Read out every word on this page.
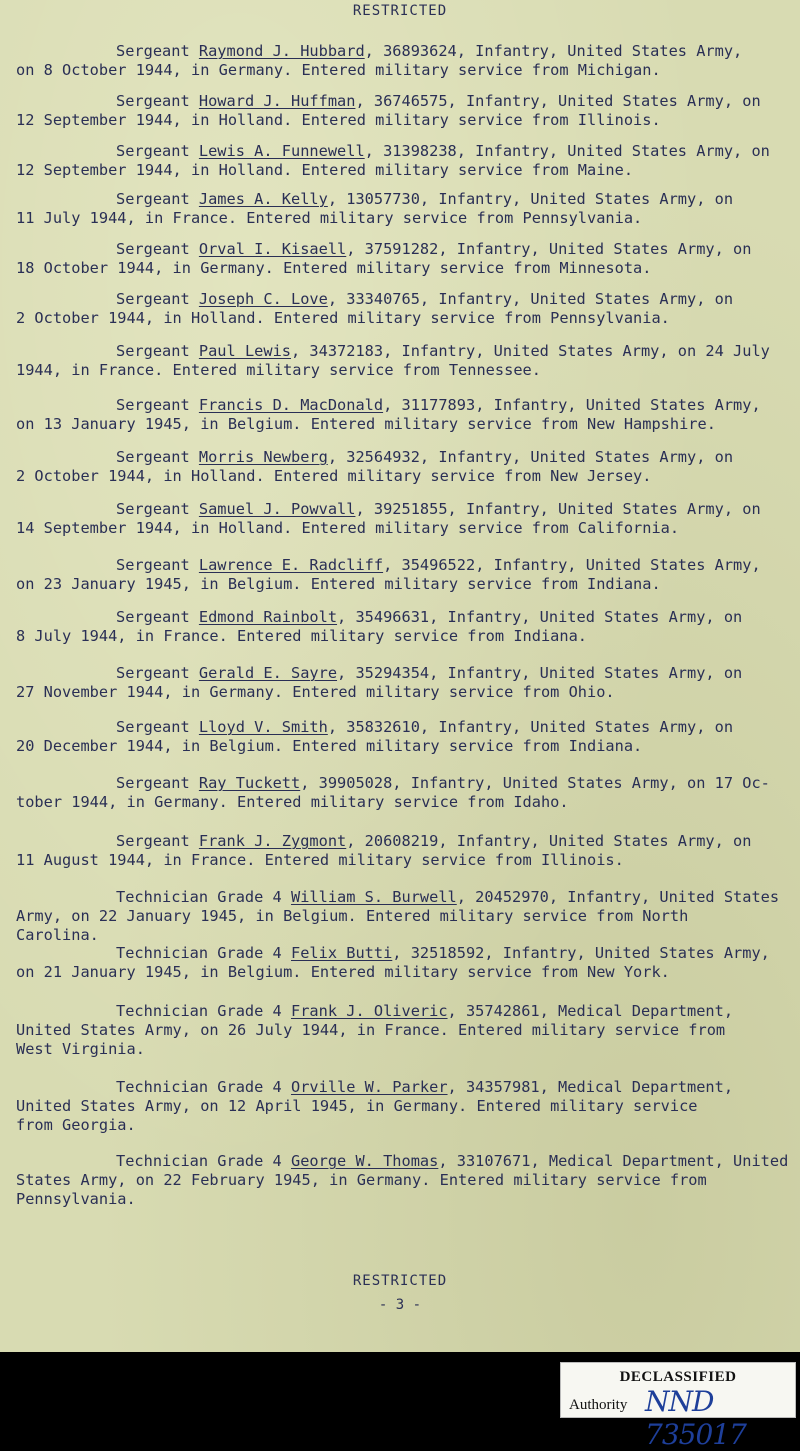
RESTRICTED
Sergeant Raymond J. Hubbard, 36893624, Infantry, United States Army,
on 8 October 1944, in Germany. Entered military service from Michigan.
Sergeant Howard J. Huffman, 36746575, Infantry, United States Army, on
12 September 1944, in Holland. Entered military service from Illinois.
Sergeant Lewis A. Funnewell, 31398238, Infantry, United States Army, on
12 September 1944, in Holland. Entered military service from Maine.
Sergeant James A. Kelly, 13057730, Infantry, United States Army, on
11 July 1944, in France. Entered military service from Pennsylvania.
Sergeant Orval I. Kisaell, 37591282, Infantry, United States Army, on
18 October 1944, in Germany. Entered military service from Minnesota.
Sergeant Joseph C. Love, 33340765, Infantry, United States Army, on
2 October 1944, in Holland. Entered military service from Pennsylvania.
Sergeant Paul Lewis, 34372183, Infantry, United States Army, on 24 July
1944, in France. Entered military service from Tennessee.
Sergeant Francis D. MacDonald, 31177893, Infantry, United States Army,
on 13 January 1945, in Belgium. Entered military service from New Hampshire.
Sergeant Morris Newberg, 32564932, Infantry, United States Army, on
2 October 1944, in Holland. Entered military service from New Jersey.
Sergeant Samuel J. Powvall, 39251855, Infantry, United States Army, on
14 September 1944, in Holland. Entered military service from California.
Sergeant Lawrence E. Radcliff, 35496522, Infantry, United States Army,
on 23 January 1945, in Belgium. Entered military service from Indiana.
Sergeant Edmond Rainbolt, 35496631, Infantry, United States Army, on
8 July 1944, in France. Entered military service from Indiana.
Sergeant Gerald E. Sayre, 35294354, Infantry, United States Army, on
27 November 1944, in Germany. Entered military service from Ohio.
Sergeant Lloyd V. Smith, 35832610, Infantry, United States Army, on
20 December 1944, in Belgium. Entered military service from Indiana.
Sergeant Ray Tuckett, 39905028, Infantry, United States Army, on 17 Oc-
tober 1944, in Germany. Entered military service from Idaho.
Sergeant Frank J. Zygmont, 20608219, Infantry, United States Army, on
11 August 1944, in France. Entered military service from Illinois.
Technician Grade 4 William S. Burwell, 20452970, Infantry, United States
Army, on 22 January 1945, in Belgium. Entered military service from North
Carolina.
Technician Grade 4 Felix Butti, 32518592, Infantry, United States Army,
on 21 January 1945, in Belgium. Entered military service from New York.
Technician Grade 4 Frank J. Oliveric, 35742861, Medical Department,
United States Army, on 26 July 1944, in France. Entered military service from
West Virginia.
Technician Grade 4 Orville W. Parker, 34357981, Medical Department,
United States Army, on 12 April 1945, in Germany. Entered military service
from Georgia.
Technician Grade 4 George W. Thomas, 33107671, Medical Department, United
States Army, on 22 February 1945, in Germany. Entered military service from
Pennsylvania.
RESTRICTED
- 3 -
DECLASSIFIED
Authority NND 735017
